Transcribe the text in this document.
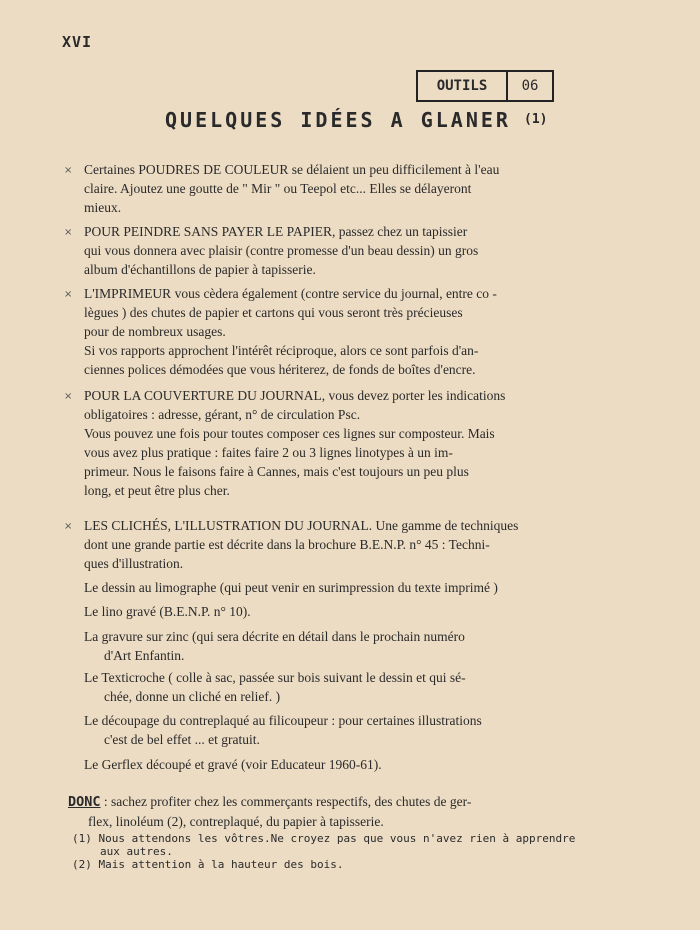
XVI
OUTILS	06
QUELQUES IDÉES A GLANER (1)
× Certaines POUDRES DE COULEUR se délaient un peu difficilement à l'eau
claire. Ajoutez une goutte de " Mir " ou Teepol etc... Elles se délayeront
mieux.
× POUR PEINDRE SANS PAYER LE PAPIER, passez chez un tapissier
qui vous donnera avec plaisir (contre promesse d'un beau dessin) un gros
album d'échantillons de papier à tapisserie.
× L'IMPRIMEUR vous cèdera également (contre service du journal, entre co -
lègues ) des chutes de papier et cartons qui vous seront très précieuses
pour de nombreux usages.
Si vos rapports approchent l'intérêt réciproque, alors ce sont parfois d'an-
ciennes polices démodées que vous hériterez, de fonds de boîtes d'encre.
× POUR LA COUVERTURE DU JOURNAL, vous devez porter les indications
obligatoires : adresse, gérant, n° de circulation Psc.
Vous pouvez une fois pour toutes composer ces lignes sur composteur. Mais
vous avez plus pratique : faites faire 2 ou 3 lignes linotypes à un im-
primeur. Nous le faisons faire à Cannes, mais c'est toujours un peu plus
long, et peut être plus cher.
× LES CLICHÉS, L'ILLUSTRATION DU JOURNAL. Une gamme de techniques
dont une grande partie est décrite dans la brochure B.E.N.P. n° 45 : Techni-
ques d'illustration.
Le dessin au limographe (qui peut venir en surimpression du texte imprimé )
Le lino gravé (B.E.N.P. n° 10).
La gravure sur zinc (qui sera décrite en détail dans le prochain numéro
d'Art Enfantin.
Le Texticroche ( colle à sac, passée sur bois suivant le dessin et qui sé-
chée, donne un cliché en relief. )
Le découpage du contreplaqué au filicoupeur : pour certaines illustrations
c'est de bel effet ... et gratuit.
Le Gerflex découpé et gravé (voir Educateur 1960-61).
DONC : sachez profiter chez les commerçants respectifs, des chutes de ger-
flex, linoléum (2), contreplaqué, du papier à tapisserie.
(1) Nous attendons les vôtres.Ne croyez pas que vous n'avez rien à apprendre
aux autres.
(2) Mais attention à la hauteur des bois.
